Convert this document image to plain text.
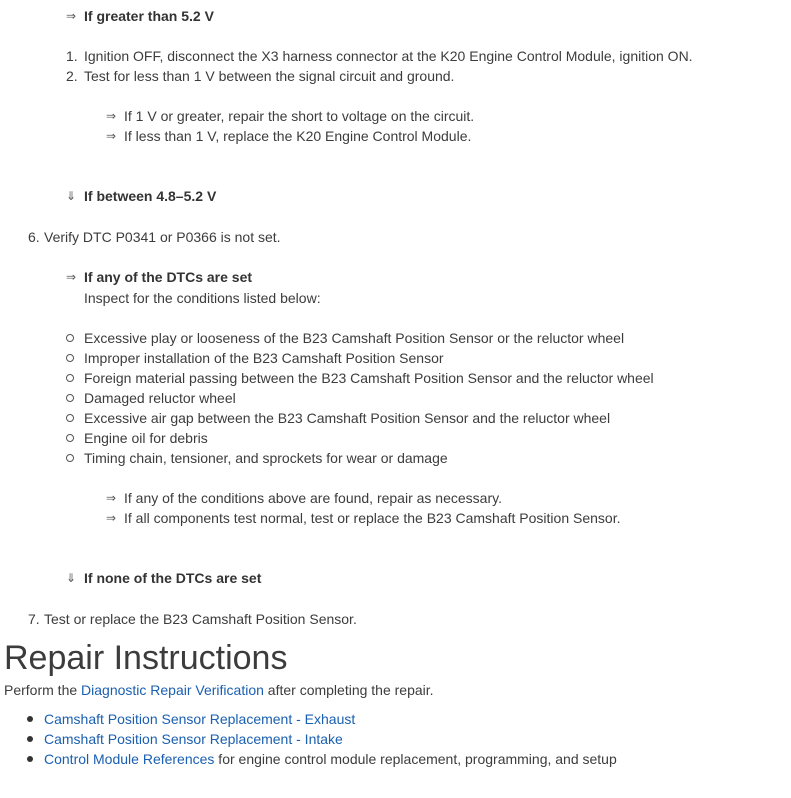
⇒ If greater than 5.2 V
1. Ignition OFF, disconnect the X3 harness connector at the K20 Engine Control Module, ignition ON.
2. Test for less than 1 V between the signal circuit and ground.
⇒ If 1 V or greater, repair the short to voltage on the circuit.
⇒ If less than 1 V, replace the K20 Engine Control Module.
⇓ If between 4.8–5.2 V
6. Verify DTC P0341 or P0366 is not set.
⇒ If any of the DTCs are set
Inspect for the conditions listed below:
Excessive play or looseness of the B23 Camshaft Position Sensor or the reluctor wheel
Improper installation of the B23 Camshaft Position Sensor
Foreign material passing between the B23 Camshaft Position Sensor and the reluctor wheel
Damaged reluctor wheel
Excessive air gap between the B23 Camshaft Position Sensor and the reluctor wheel
Engine oil for debris
Timing chain, tensioner, and sprockets for wear or damage
⇒ If any of the conditions above are found, repair as necessary.
⇒ If all components test normal, test or replace the B23 Camshaft Position Sensor.
⇓ If none of the DTCs are set
7. Test or replace the B23 Camshaft Position Sensor.
Repair Instructions
Perform the Diagnostic Repair Verification after completing the repair.
Camshaft Position Sensor Replacement - Exhaust
Camshaft Position Sensor Replacement - Intake
Control Module References for engine control module replacement, programming, and setup
